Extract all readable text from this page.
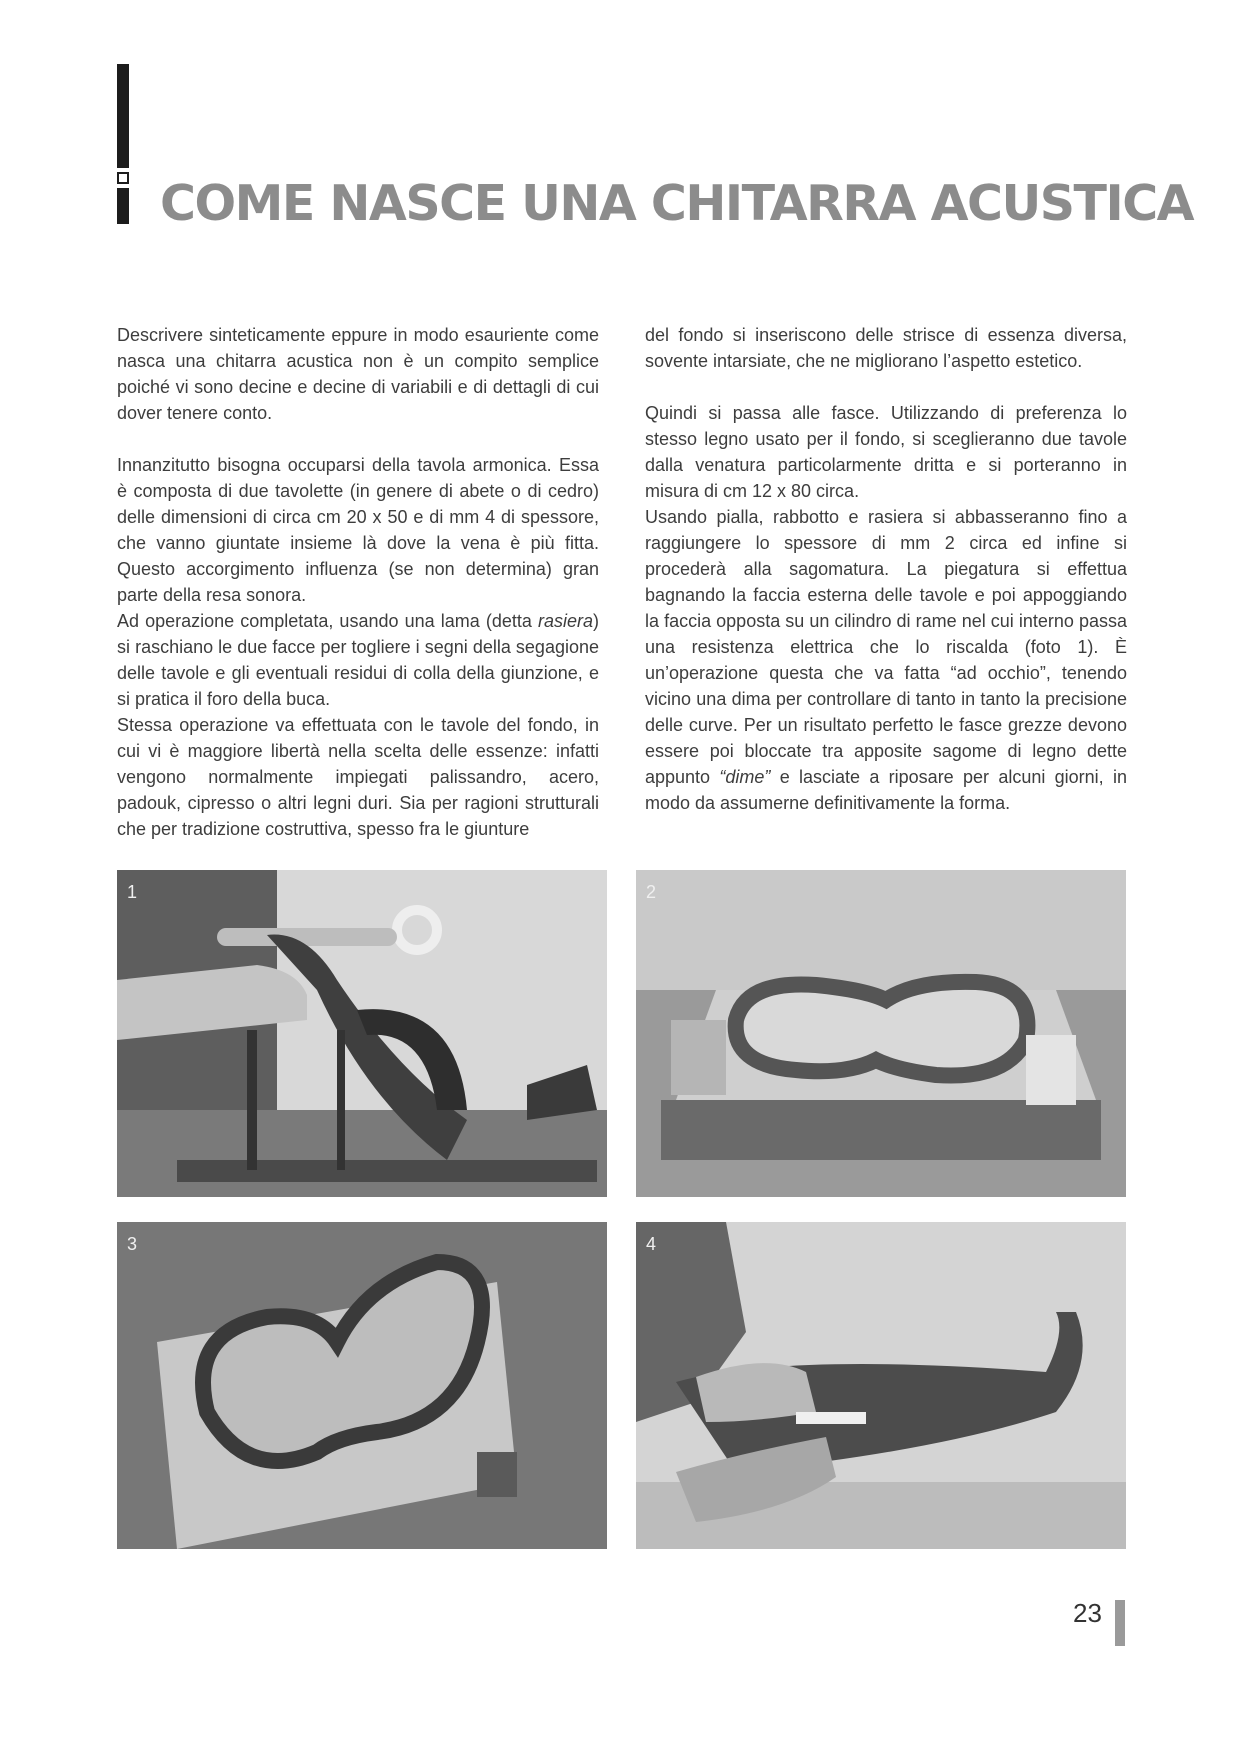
COME NASCE UNA CHITARRA ACUSTICA

Descrivere sinteticamente eppure in modo esauriente come nasca una chitarra acustica non è un compito semplice poiché vi sono decine e decine di variabili e di dettagli di cui dover tenere conto.

Innanzitutto bisogna occuparsi della tavola armonica. Essa è composta di due tavolette (in genere di abete o di cedro) delle dimensioni di circa cm 20 x 50 e di mm 4 di spessore, che vanno giuntate insieme là dove la vena è più fitta. Questo accorgimento influenza (se non determina) gran parte della resa sonora.

Ad operazione completata, usando una lama (detta rasiera) si raschiano le due facce per togliere i segni della segagione delle tavole e gli eventuali residui di colla della giunzione, e si pratica il foro della buca.

Stessa operazione va effettuata con le tavole del fondo, in cui vi è maggiore libertà nella scelta delle essenze: infatti vengono normalmente impiegati palissandro, acero, padouk, cipresso o altri legni duri. Sia per ragioni strutturali che per tradizione costruttiva, spesso fra le giunture

del fondo si inseriscono delle strisce di essenza diversa, sovente intarsiate, che ne migliorano l’aspetto estetico.

Quindi si passa alle fasce. Utilizzando di preferenza lo stesso legno usato per il fondo, si sceglieranno due tavole dalla venatura particolarmente dritta e si porteranno in misura di cm 12 x 80 circa.

Usando pialla, rabbotto e rasiera si abbasseranno fino a raggiungere lo spessore di mm 2 circa ed infine si procederà alla sagomatura. La piegatura si effettua bagnando la faccia esterna delle tavole e poi appoggiando la faccia opposta su un cilindro di rame nel cui interno passa una resistenza elettrica che lo riscalda (foto 1). È un’operazione questa che va fatta “ad occhio”, tenendo vicino una dima per controllare di tanto in tanto la precisione delle curve. Per un risultato perfetto le fasce grezze devono essere poi bloccate tra apposite sagome di legno dette appunto “dime” e lasciate a riposare per alcuni giorni, in modo da assumerne definitivamente la forma.

1	2
3	4
23
